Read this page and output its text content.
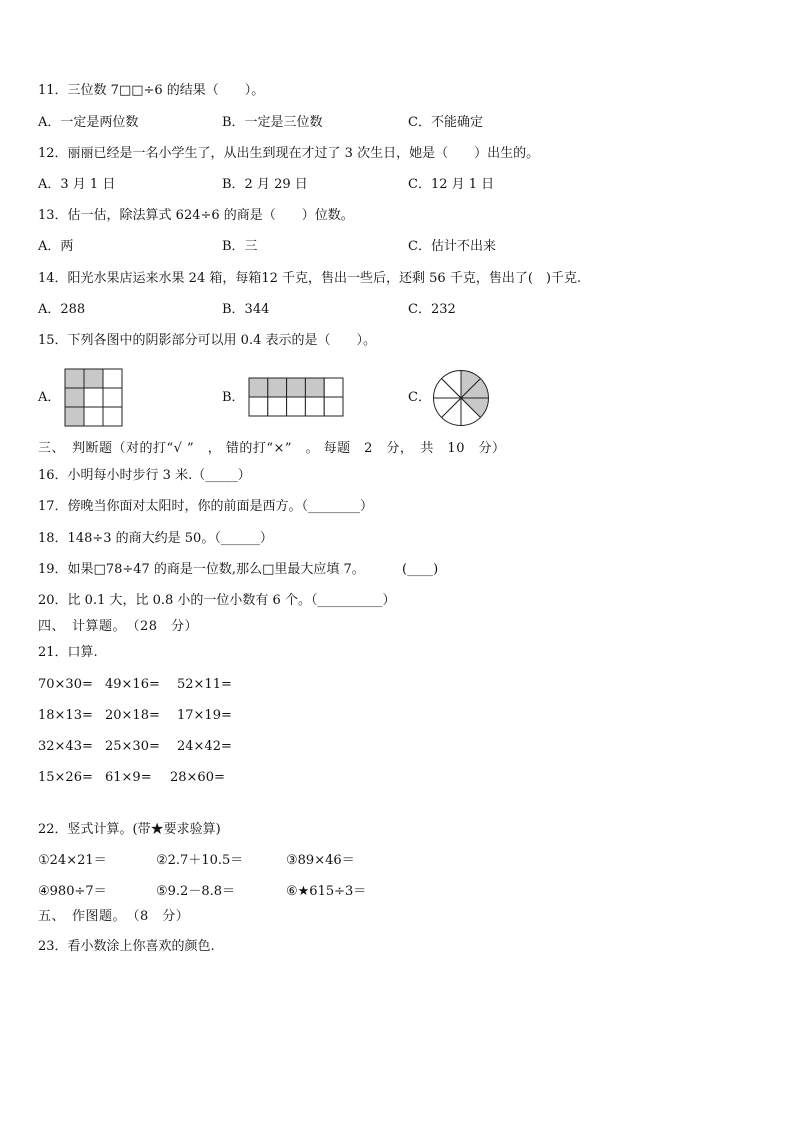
11．三位数 7□□÷6 的结果（　　）。
A．一定是两位数	B．一定是三位数	C．不能确定
12．丽丽已经是一名小学生了，从出生到现在才过了 3 次生日，她是（　　）出生的。
A．3 月 1 日	B．2 月 29 日	C．12 月 1 日
13．估一估，除法算式 624÷6 的商是（　　）位数。
A．两	B．三	C．估计不出来
14．阳光水果店运来水果 24 箱，每箱12 千克，售出一些后，还剩 56 千克，售出了(　)千克.
A．288	B．344	C．232
15．下列各图中的阴影部分可以用 0.4 表示的是（　　）。
A．	B．	C．
三、　判断题（对的打“√ ”　， 错的打“×”　。 每题　2　分，　共　10　分）
16．小明每小时步行 3 米.（_____）
17．傍晚当你面对太阳时，你的前面是西方。（________）
18．148÷3 的商大约是 50。（______）
19．如果□78÷47 的商是一位数,那么□里最大应填 7。	(____)
20．比 0.1 大，比 0.8 小的一位小数有 6 个。（__________）
四、　计算题。　（28　分）
21．口算.
70×30= 49×16= 52×11=
18×13= 20×18= 17×19=
32×43= 25×30= 24×42=
15×26= 61×9= 28×60=
22．竖式计算。(带★要求验算)
①24×21＝	②2.7＋10.5＝	③89×46＝
④980÷7＝	⑤9.2－8.8＝	⑥★615÷3＝
五、　作图题。　（8　分）
23．看小数涂上你喜欢的颜色.
